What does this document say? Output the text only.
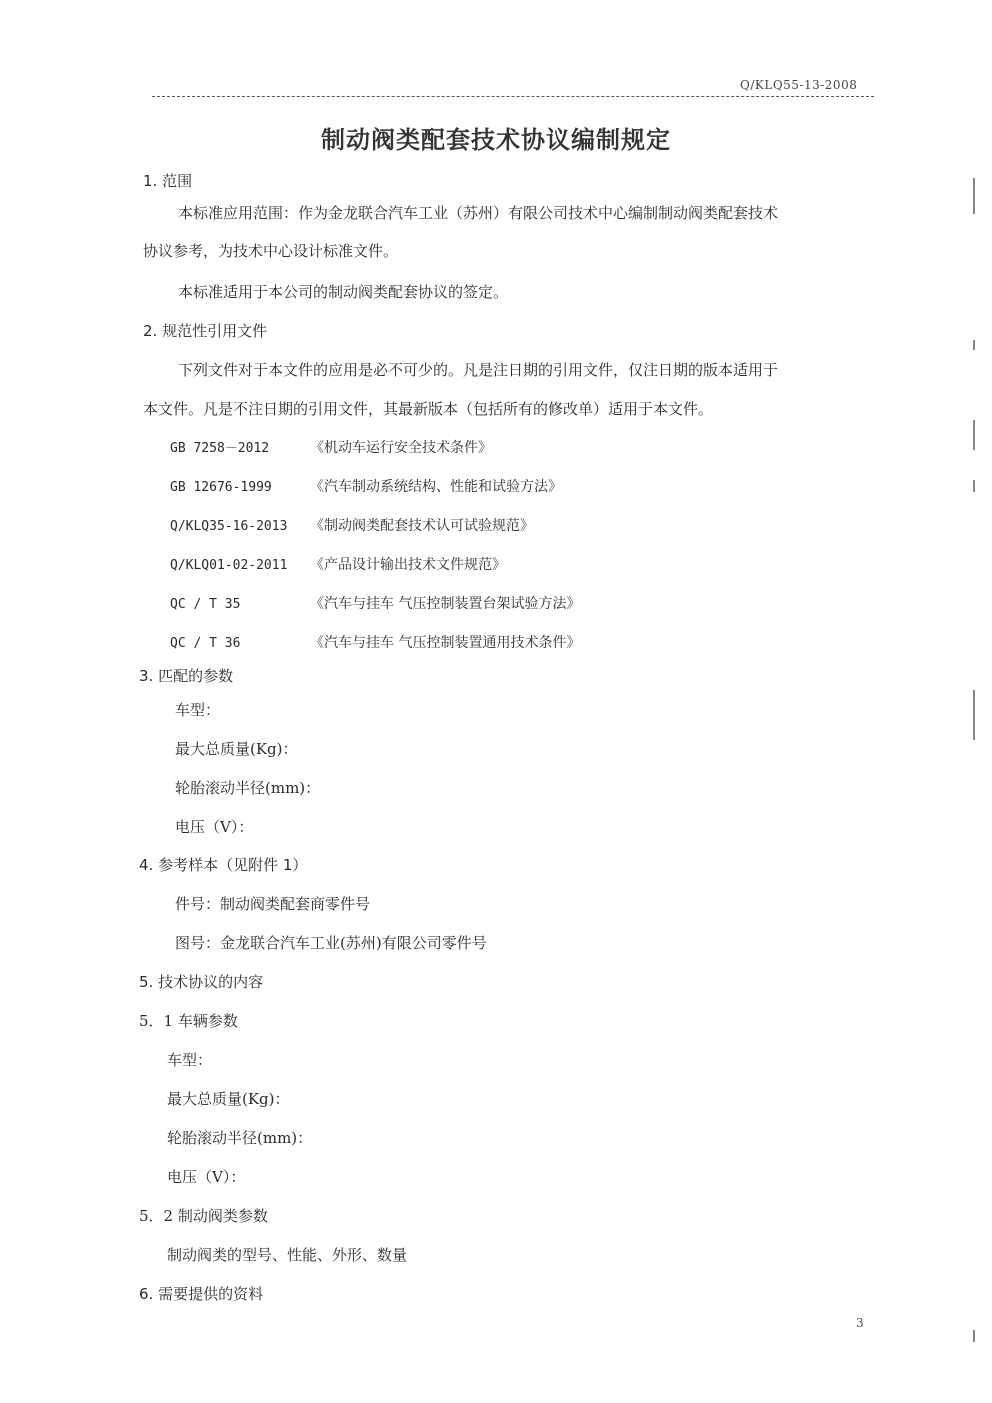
Q/KLQ55-13-2008
制动阀类配套技术协议编制规定
1. 范围
本标准应用范围：作为金龙联合汽车工业（苏州）有限公司技术中心编制制动阀类配套技术
协议参考，为技术中心设计标准文件。
本标准适用于本公司的制动阀类配套协议的签定。
2. 规范性引用文件
下列文件对于本文件的应用是必不可少的。凡是注日期的引用文件，仅注日期的版本适用于
本文件。凡是不注日期的引用文件，其最新版本（包括所有的修改单）适用于本文件。
GB 7258－2012	《机动车运行安全技术条件》
GB 12676-1999	《汽车制动系统结构、性能和试验方法》
Q/KLQ35-16-2013 《制动阀类配套技术认可试验规范》
Q/KLQ01-02-2011 《产品设计输出技术文件规范》
QC / T 35	《汽车与挂车 气压控制装置台架试验方法》
QC / T 36	《汽车与挂车 气压控制装置通用技术条件》
3. 匹配的参数
车型：
最大总质量(Kg)：
轮胎滚动半径(mm)：
电压（V）：
4. 参考样本（见附件 1）
件号：制动阀类配套商零件号
图号：金龙联合汽车工业(苏州)有限公司零件号
5. 技术协议的内容
5．1 车辆参数
车型：
最大总质量(Kg)：
轮胎滚动半径(mm)：
电压（V）：
5．2 制动阀类参数
制动阀类的型号、性能、外形、数量
6. 需要提供的资料
3
